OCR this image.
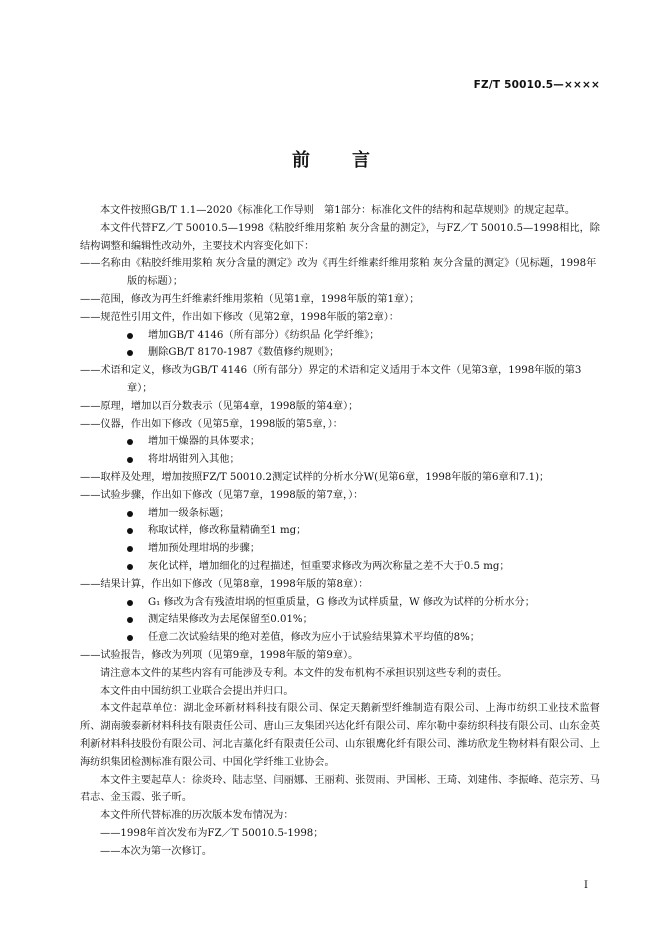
FZ/T 50010.5—××××
前 言
本文件按照GB/T 1.1—2020《标准化工作导则　第1部分：标准化文件的结构和起草规则》的规定起草。
本文件代替FZ／T 50010.5—1998《粘胶纤维用浆粕 灰分含量的测定》，与FZ／T 50010.5—1998相比，除结构调整和编辑性改动外，主要技术内容变化如下：
——名称由《粘胶纤维用浆粕 灰分含量的测定》改为《再生纤维素纤维用浆粕 灰分含量的测定》（见标题，1998年版的标题）；
——范围，修改为再生纤维素纤维用浆粕（见第1章，1998年版的第1章）；
——规范性引用文件，作出如下修改（见第2章，1998年版的第2章）：
增加GB/T 4146（所有部分）《纺织品 化学纤维》；
删除GB/T 8170-1987《数值修约规则》；
——术语和定义，修改为GB/T 4146（所有部分）界定的术语和定义适用于本文件（见第3章，1998年版的第3章）；
——原理，增加以百分数表示（见第4章，1998版的第4章）；
——仪器，作出如下修改（见第5章，1998版的第5章，）：
增加干燥器的具体要求；
将坩埚钳列入其他；
——取样及处理，增加按照FZ/T 50010.2测定试样的分析水分W(见第6章，1998年版的第6章和7.1)；
——试验步骤，作出如下修改（见第7章，1998版的第7章，）：
增加一级条标题；
称取试样，修改称量精确至1 mg；
增加预处理坩埚的步骤；
灰化试样，增加细化的过程描述，恒重要求修改为两次称量之差不大于0.5 mg；
——结果计算，作出如下修改（见第8章，1998年版的第8章）：
G₁ 修改为含有残渣坩埚的恒重质量，G 修改为试样质量，W 修改为试样的分析水分；
测定结果修改为去尾保留至0.01%；
任意二次试验结果的绝对差值，修改为应小于试验结果算术平均值的8%；
——试验报告，修改为列项（见第9章，1998年版的第9章）。
请注意本文件的某些内容有可能涉及专利。本文件的发布机构不承担识别这些专利的责任。
本文件由中国纺织工业联合会提出并归口。
本文件起草单位：湖北金环新材料科技有限公司、保定天鹅新型纤维制造有限公司、上海市纺织工业技术监督所、湖南骏泰新材料科技有限责任公司、唐山三友集团兴达化纤有限公司、库尔勒中泰纺织科技有限公司、山东金英利新材料科技股份有限公司、河北吉藁化纤有限责任公司、山东银鹰化纤有限公司、潍坊欣龙生物材料有限公司、上海纺织集团检测标准有限公司、中国化学纤维工业协会。
本文件主要起草人：徐炎玲、陆志坚、闫丽娜、王丽莉、张贺雨、尹国彬、王琦、刘建伟、李振峰、范宗芳、马君志、金玉霞、张子昕。
本文件所代替标准的历次版本发布情况为：
——1998年首次发布为FZ／T 50010.5-1998；
——本次为第一次修订。
I
